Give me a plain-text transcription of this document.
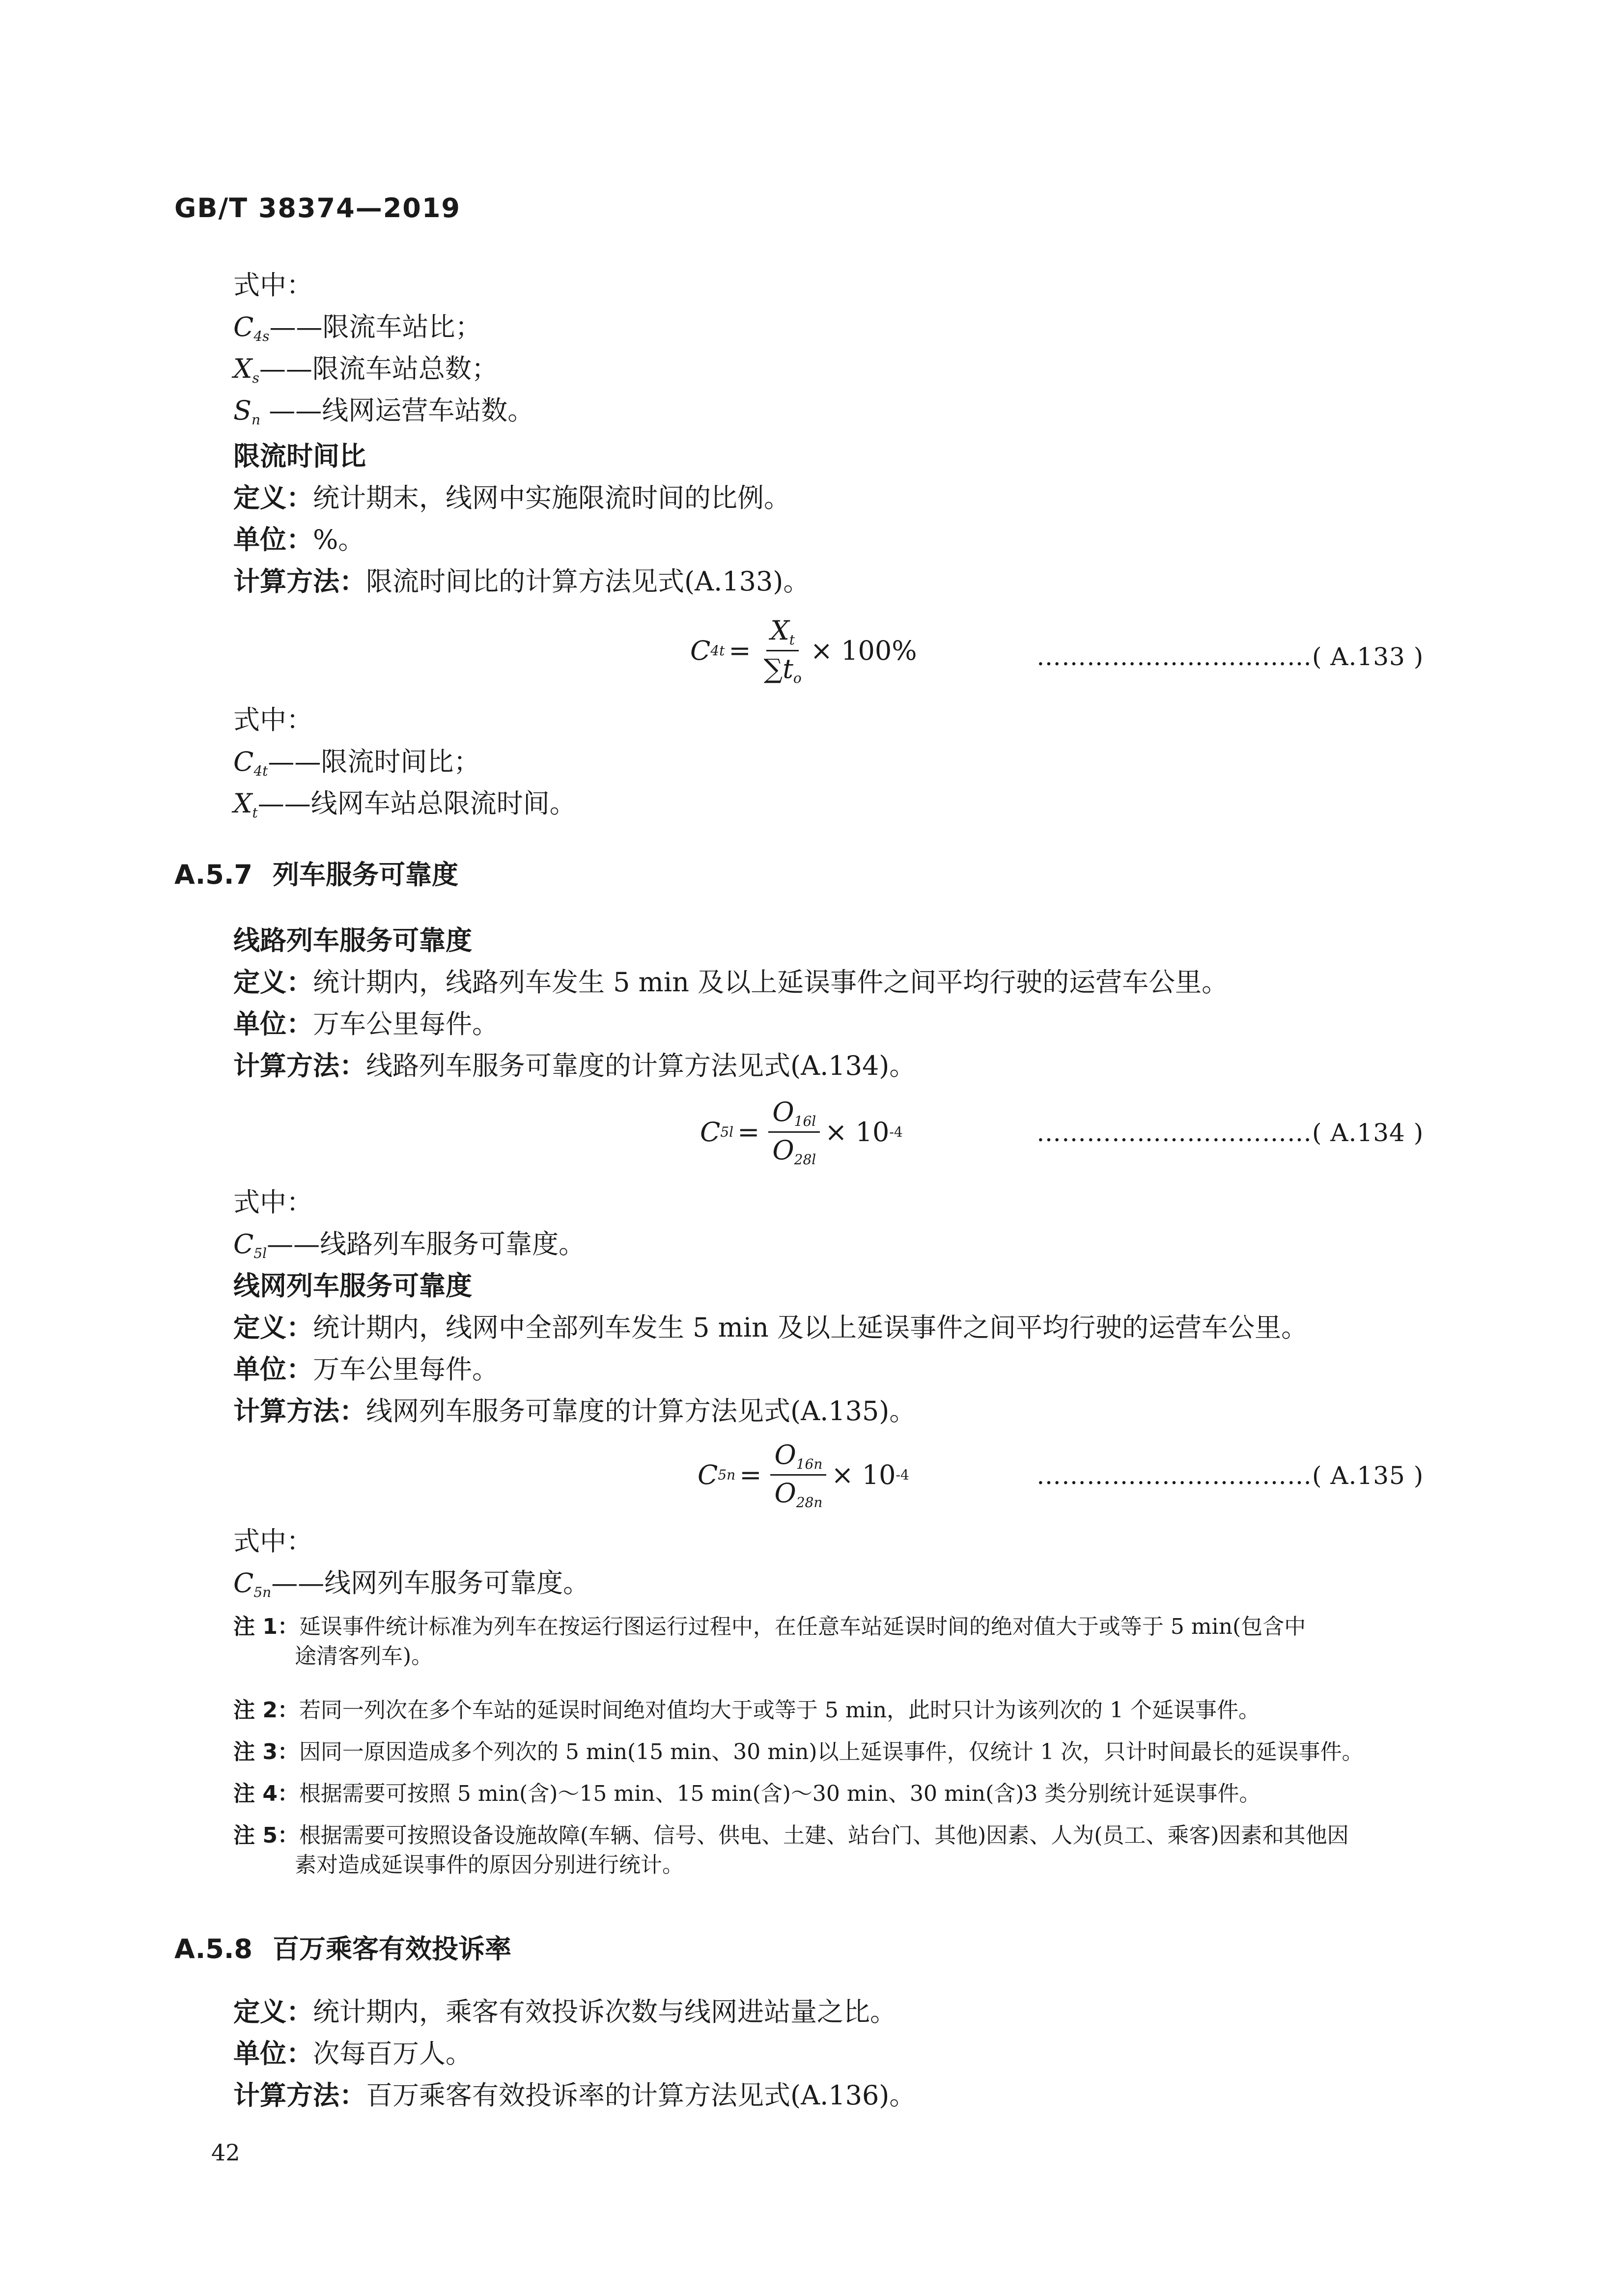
GB/T 38374—2019
式中：
$C_{4s}——$限流车站比；
$X_s——$限流车站总数；
$S_n$ ——线网运营车站数。
限流时间比
定义：统计期末，线网中实施限流时间的比例。
单位：%。
计算方法：限流时间比的计算方法见式(A.133)。
C $4t = \frac{X_t}{\sum t_o} \times 100\%$	……………………………( A.133 )
式中：
$C_{4t}——$限流时间比；
$X_t——$线网车站总限流时间。
A.5.7 列车服务可靠度
线路列车服务可靠度
定义：统计期内，线路列车发生 5 min 及以上延误事件之间平均行驶的运营车公里。
单位：万车公里每件。
计算方法：线路列车服务可靠度的计算方法见式(A.134)。
C $5l = \frac{O_{16l}}{O_{28l}} \times 10$ -4	……………………………( A.134 )
式中：
$C_{5l}——$线路列车服务可靠度。
线网列车服务可靠度
定义：统计期内，线网中全部列车发生 5 min 及以上延误事件之间平均行驶的运营车公里。
单位：万车公里每件。
计算方法：线网列车服务可靠度的计算方法见式(A.135)。
C $5n = \frac{O_{16n}}{O_{28n}} \times 10$ -4	……………………………( A.135 )
式中：
$C_{5n}——$线网列车服务可靠度。
注 1：延误事件统计标准为列车在按运行图运行过程中，在任意车站延误时间的绝对值大于或等于 5 min(包含中
途清客列车)。
注 2：若同一列次在多个车站的延误时间绝对值均大于或等于 5 min，此时只计为该列次的 1 个延误事件。
注 3：因同一原因造成多个列次的 5 min(15 min、30 min)以上延误事件，仅统计 1 次，只计时间最长的延误事件。
注 4：根据需要可按照 5 min(含)～15 min、15 min(含)～30 min、30 min(含)3 类分别统计延误事件。
注 5：根据需要可按照设备设施故障(车辆、信号、供电、土建、站台门、其他)因素、人为(员工、乘客)因素和其他因
素对造成延误事件的原因分别进行统计。
A.5.8 百万乘客有效投诉率
定义：统计期内，乘客有效投诉次数与线网进站量之比。
单位：次每百万人。
计算方法：百万乘客有效投诉率的计算方法见式(A.136)。
42
